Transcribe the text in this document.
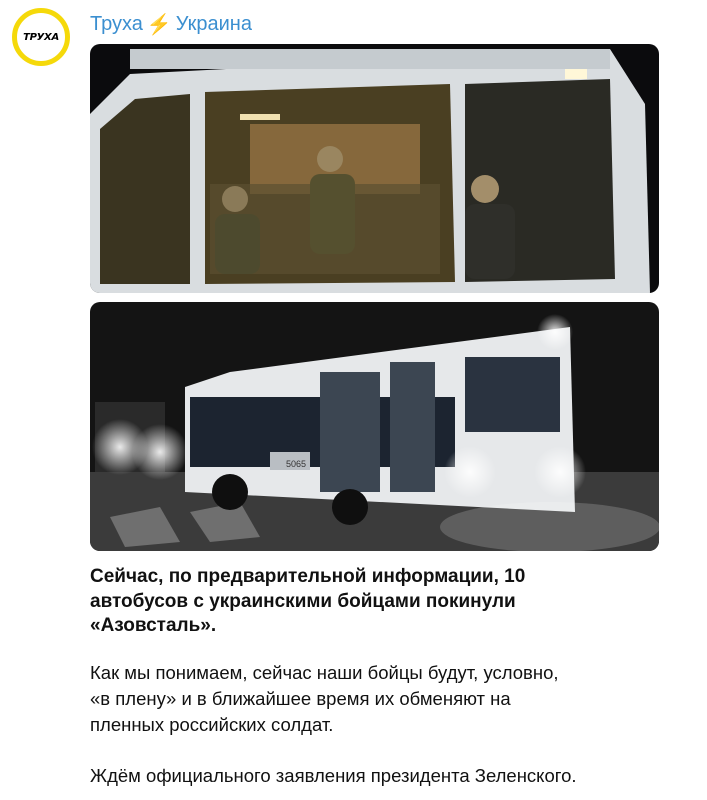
ТРУХА
Труха ⚡ Украина
5065
Сейчас, по предварительной информации, 10
автобусов с украинскими бойцами покинули
«Азовсталь».
Как мы понимаем, сейчас наши бойцы будут, условно,
«в плену» и в ближайшее время их обменяют на
пленных российских солдат.
Ждём официального заявления президента Зеленского.
